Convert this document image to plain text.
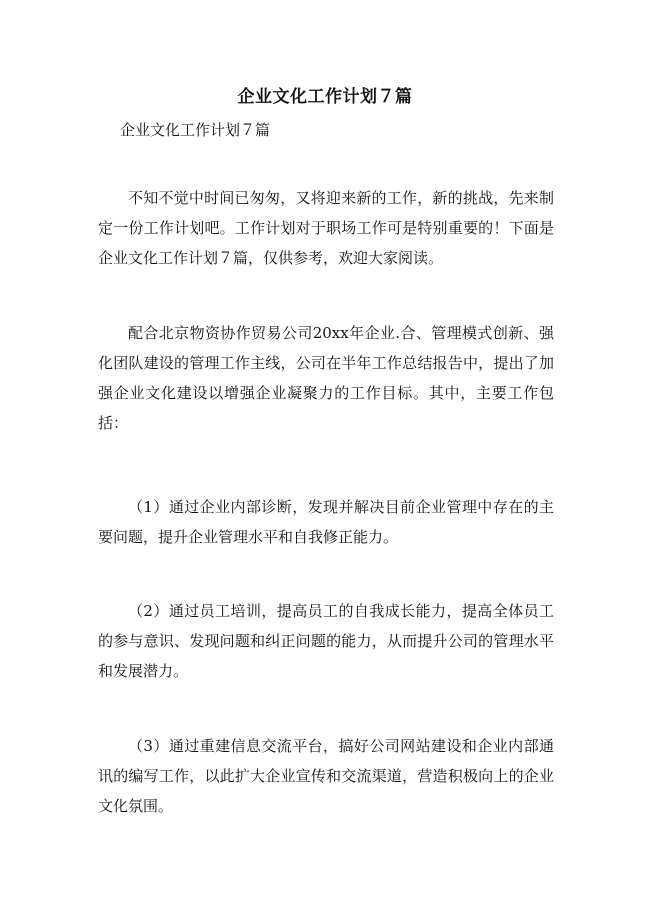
企业文化工作计划７篇
企业文化工作计划７篇

不知不觉中时间已匆匆，又将迎来新的工作，新的挑战，先来制定一份工作计划吧。工作计划对于职场工作可是特别重要的！下面是企业文化工作计划７篇，仅供参考，欢迎大家阅读。

配合北京物资协作贸易公司20xx年企业.合、管理模式创新、强化团队建设的管理工作主线，公司在半年工作总结报告中，提出了加强企业文化建设以增强企业凝聚力的工作目标。其中，主要工作包括：

（1）通过企业内部诊断，发现并解决目前企业管理中存在的主要问题，提升企业管理水平和自我修正能力。

（2）通过员工培训，提高员工的自我成长能力，提高全体员工的参与意识、发现问题和纠正问题的能力，从而提升公司的管理水平和发展潜力。

（3）通过重建信息交流平台，搞好公司网站建设和企业内部通讯的编写工作，以此扩大企业宣传和交流渠道，营造积极向上的企业文化氛围。
